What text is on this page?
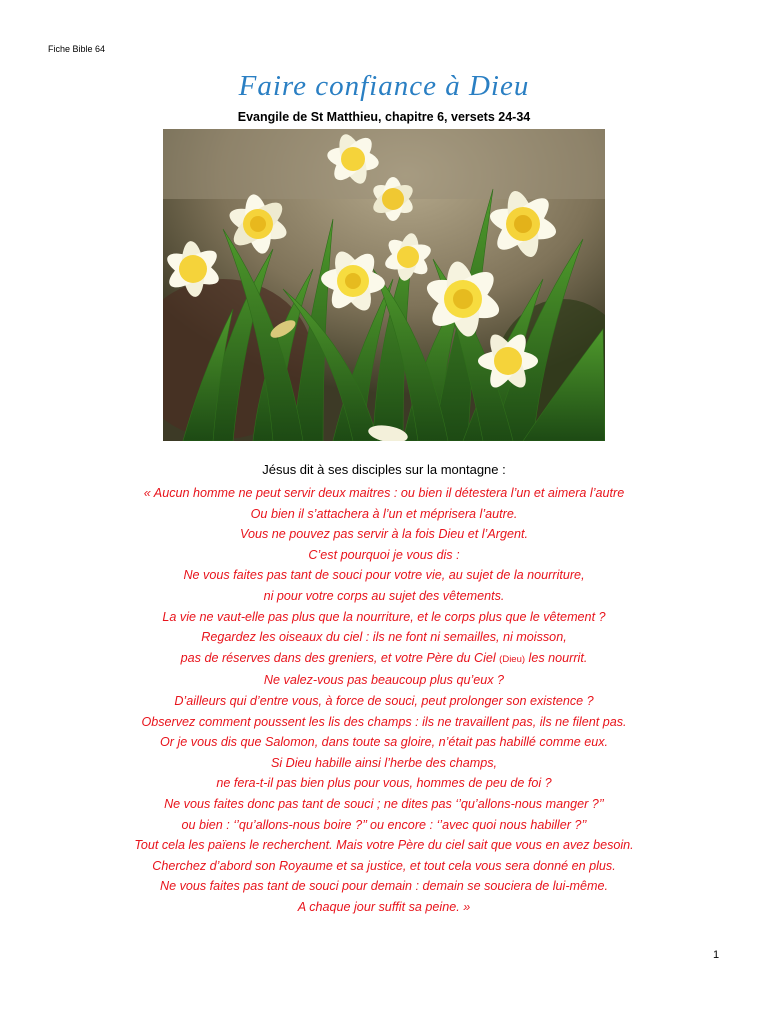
Fiche Bible 64
Faire confiance à Dieu
Evangile de St Matthieu, chapitre 6, versets 24-34
Jésus dit à ses disciples sur la montagne :
« Aucun homme ne peut servir deux maitres : ou bien il détestera l’un et aimera l’autre
Ou bien il s’attachera à l’un et méprisera l’autre.
Vous ne pouvez pas servir à la fois Dieu et l’Argent.
C’est pourquoi je vous dis :
Ne vous faites pas tant de souci pour votre vie, au sujet de la nourriture,
ni pour votre corps au sujet des vêtements.
La vie ne vaut-elle pas plus que la nourriture, et le corps plus que le vêtement ?
Regardez les oiseaux du ciel : ils ne font ni semailles, ni moisson,
pas de réserves dans des greniers, et votre Père du Ciel (Dieu) les nourrit.
Ne valez-vous pas beaucoup plus qu’eux ?
D’ailleurs qui d’entre vous, à force de souci, peut prolonger son existence ?
Observez comment poussent les lis des champs : ils ne travaillent pas, ils ne filent pas.
Or je vous dis que Salomon, dans toute sa gloire, n’était pas habillé comme eux.
Si Dieu habille ainsi l’herbe des champs,
ne fera-t-il pas bien plus pour vous, hommes de peu de foi ?
Ne vous faites donc pas tant de souci ; ne dites pas ‘’qu’allons-nous manger ?’’
ou bien : ‘’qu’allons-nous boire ?’’ ou encore : ‘’avec quoi nous habiller ?’’
Tout cela les païens le recherchent. Mais votre Père du ciel sait que vous en avez besoin.
Cherchez d’abord son Royaume et sa justice, et tout cela vous sera donné en plus.
Ne vous faites pas tant de souci pour demain : demain se souciera de lui-même.
A chaque jour suffit sa peine. »
1
